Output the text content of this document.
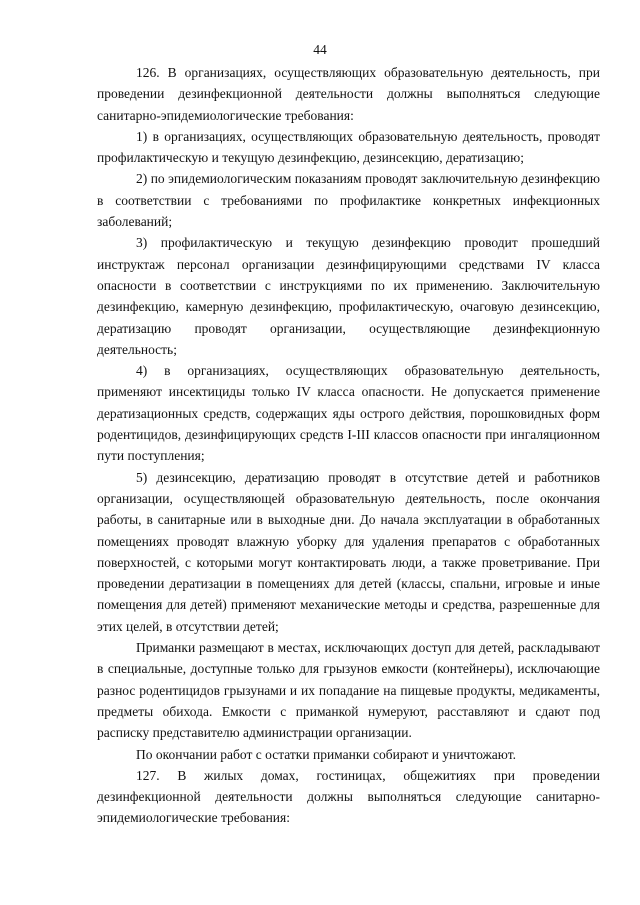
44

126. В организациях, осуществляющих образовательную деятельность, при проведении дезинфекционной деятельности должны выполняться следующие санитарно-эпидемиологические требования:

1) в организациях, осуществляющих образовательную деятельность, проводят профилактическую и текущую дезинфекцию, дезинсекцию, дератизацию;

2) по эпидемиологическим показаниям проводят заключительную дезинфекцию в соответствии с требованиями по профилактике конкретных инфекционных заболеваний;

3) профилактическую и текущую дезинфекцию проводит прошедший инструктаж персонал организации дезинфицирующими средствами IV класса опасности в соответствии с инструкциями по их применению. Заключительную дезинфекцию, камерную дезинфекцию, профилактическую, очаговую дезинсекцию, дератизацию проводят организации, осуществляющие дезинфекционную деятельность;

4) в организациях, осуществляющих образовательную деятельность, применяют инсектициды только IV класса опасности. Не допускается применение дератизационных средств, содержащих яды острого действия, порошковидных форм родентицидов, дезинфицирующих средств I-III классов опасности при ингаляционном пути поступления;

5) дезинсекцию, дератизацию проводят в отсутствие детей и работников организации, осуществляющей образовательную деятельность, после окончания работы, в санитарные или в выходные дни. До начала эксплуатации в обработанных помещениях проводят влажную уборку для удаления препаратов с обработанных поверхностей, с которыми могут контактировать люди, а также проветривание. При проведении дератизации в помещениях для детей (классы, спальни, игровые и иные помещения для детей) применяют механические методы и средства, разрешенные для этих целей, в отсутствии детей;

Приманки размещают в местах, исключающих доступ для детей, раскладывают в специальные, доступные только для грызунов емкости (контейнеры), исключающие разнос родентицидов грызунами и их попадание на пищевые продукты, медикаменты, предметы обихода. Емкости с приманкой нумеруют, расставляют и сдают под расписку представителю администрации организации.

По окончании работ с остатки приманки собирают и уничтожают.

127. В жилых домах, гостиницах, общежитиях при проведении дезинфекционной деятельности должны выполняться следующие санитарно-эпидемиологические требования:
